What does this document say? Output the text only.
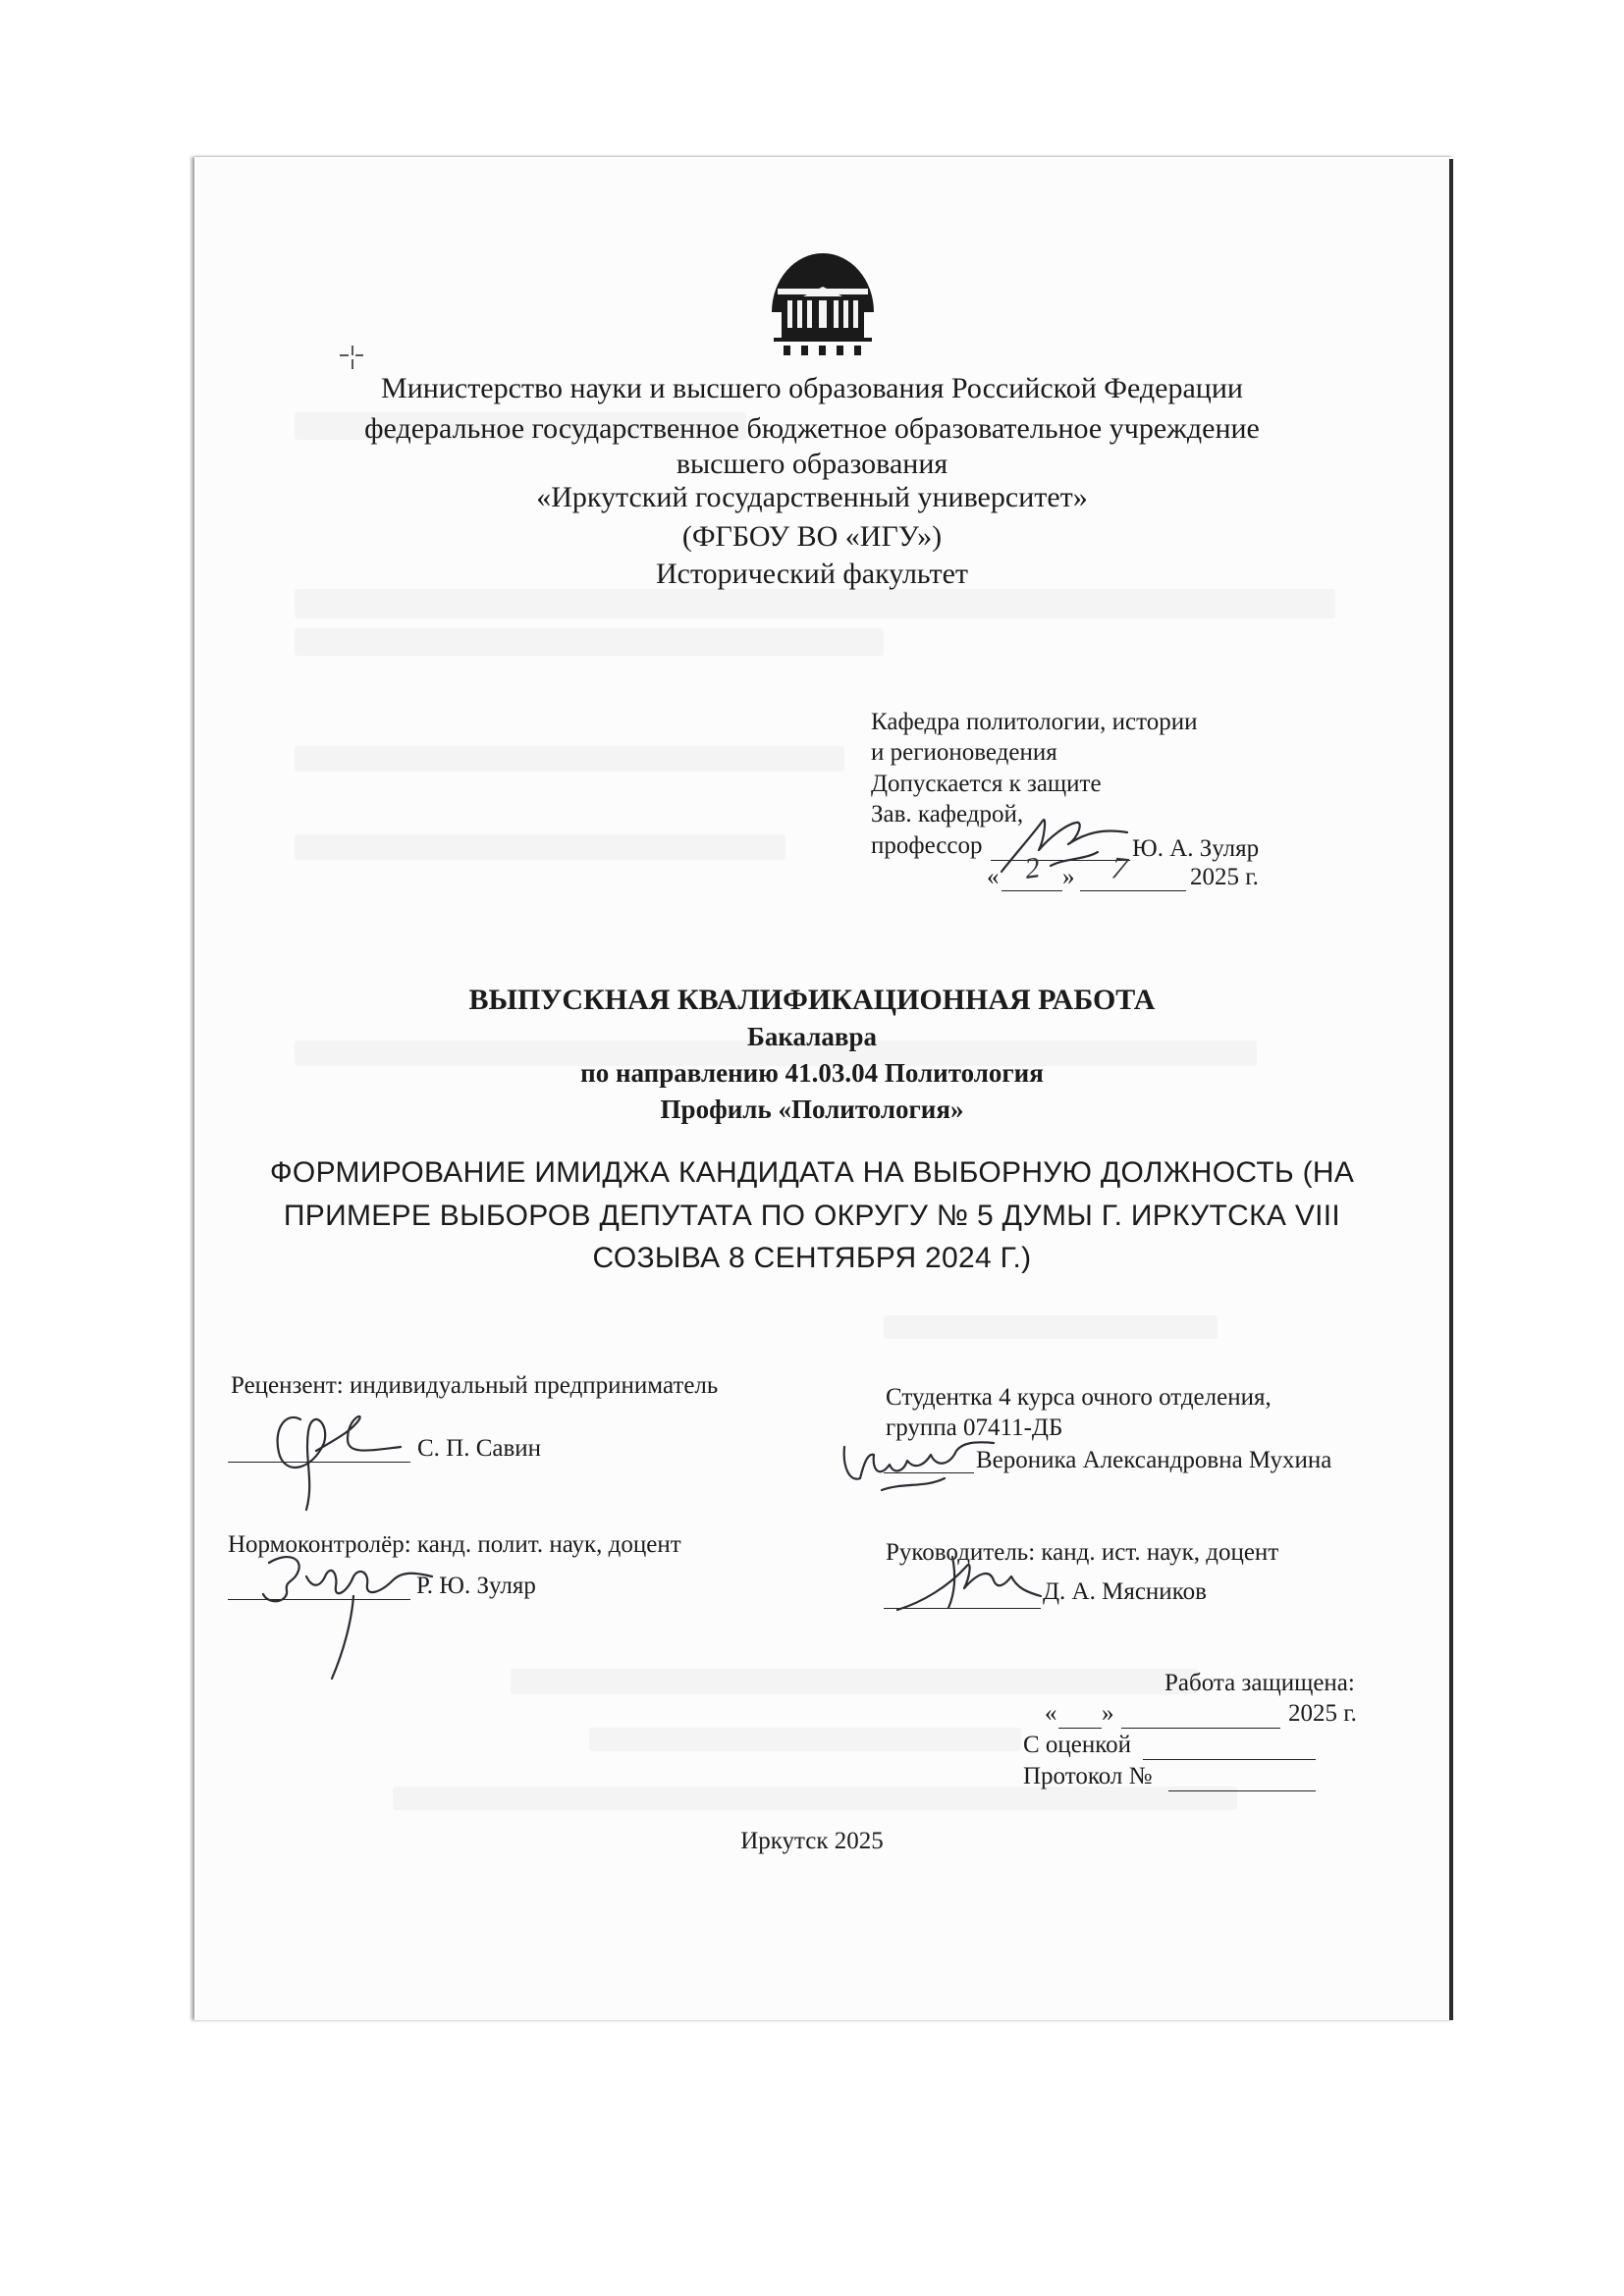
Министерство науки и высшего образования Российской Федерации
федеральное государственное бюджетное образовательное учреждение
высшего образования
«Иркутский государственный университет»
(ФГБОУ ВО «ИГУ»)
Исторический факультет
Кафедра политологии, истории
и регионоведения
Допускается к защите
Зав. кафедрой,
профессор	Ю. А. Зуляр
«	»	2025 г.
2 7
ВЫПУСКНАЯ КВАЛИФИКАЦИОННАЯ РАБОТА
Бакалавра
по направлению 41.03.04 Политология
Профиль «Политология»
ФОРМИРОВАНИЕ ИМИДЖА КАНДИДАТА НА ВЫБОРНУЮ ДОЛЖНОСТЬ (НА
ПРИМЕРЕ ВЫБОРОВ ДЕПУТАТА ПО ОКРУГУ № 5 ДУМЫ Г. ИРКУТСКА VIII
СОЗЫВА 8 СЕНТЯБРЯ 2024 Г.)
Рецензент: индивидуальный предприниматель
С. П. Савин
Студентка 4 курса очного отделения,
группа 07411-ДБ
Вероника Александровна Мухина
Нормоконтролёр: канд. полит. наук, доцент
Р. Ю. Зуляр
Руководитель: канд. ист. наук, доцент
Д. А. Мясников
Работа защищена:
« »	2025 г.
С оценкой
Протокол №
Иркутск 2025
